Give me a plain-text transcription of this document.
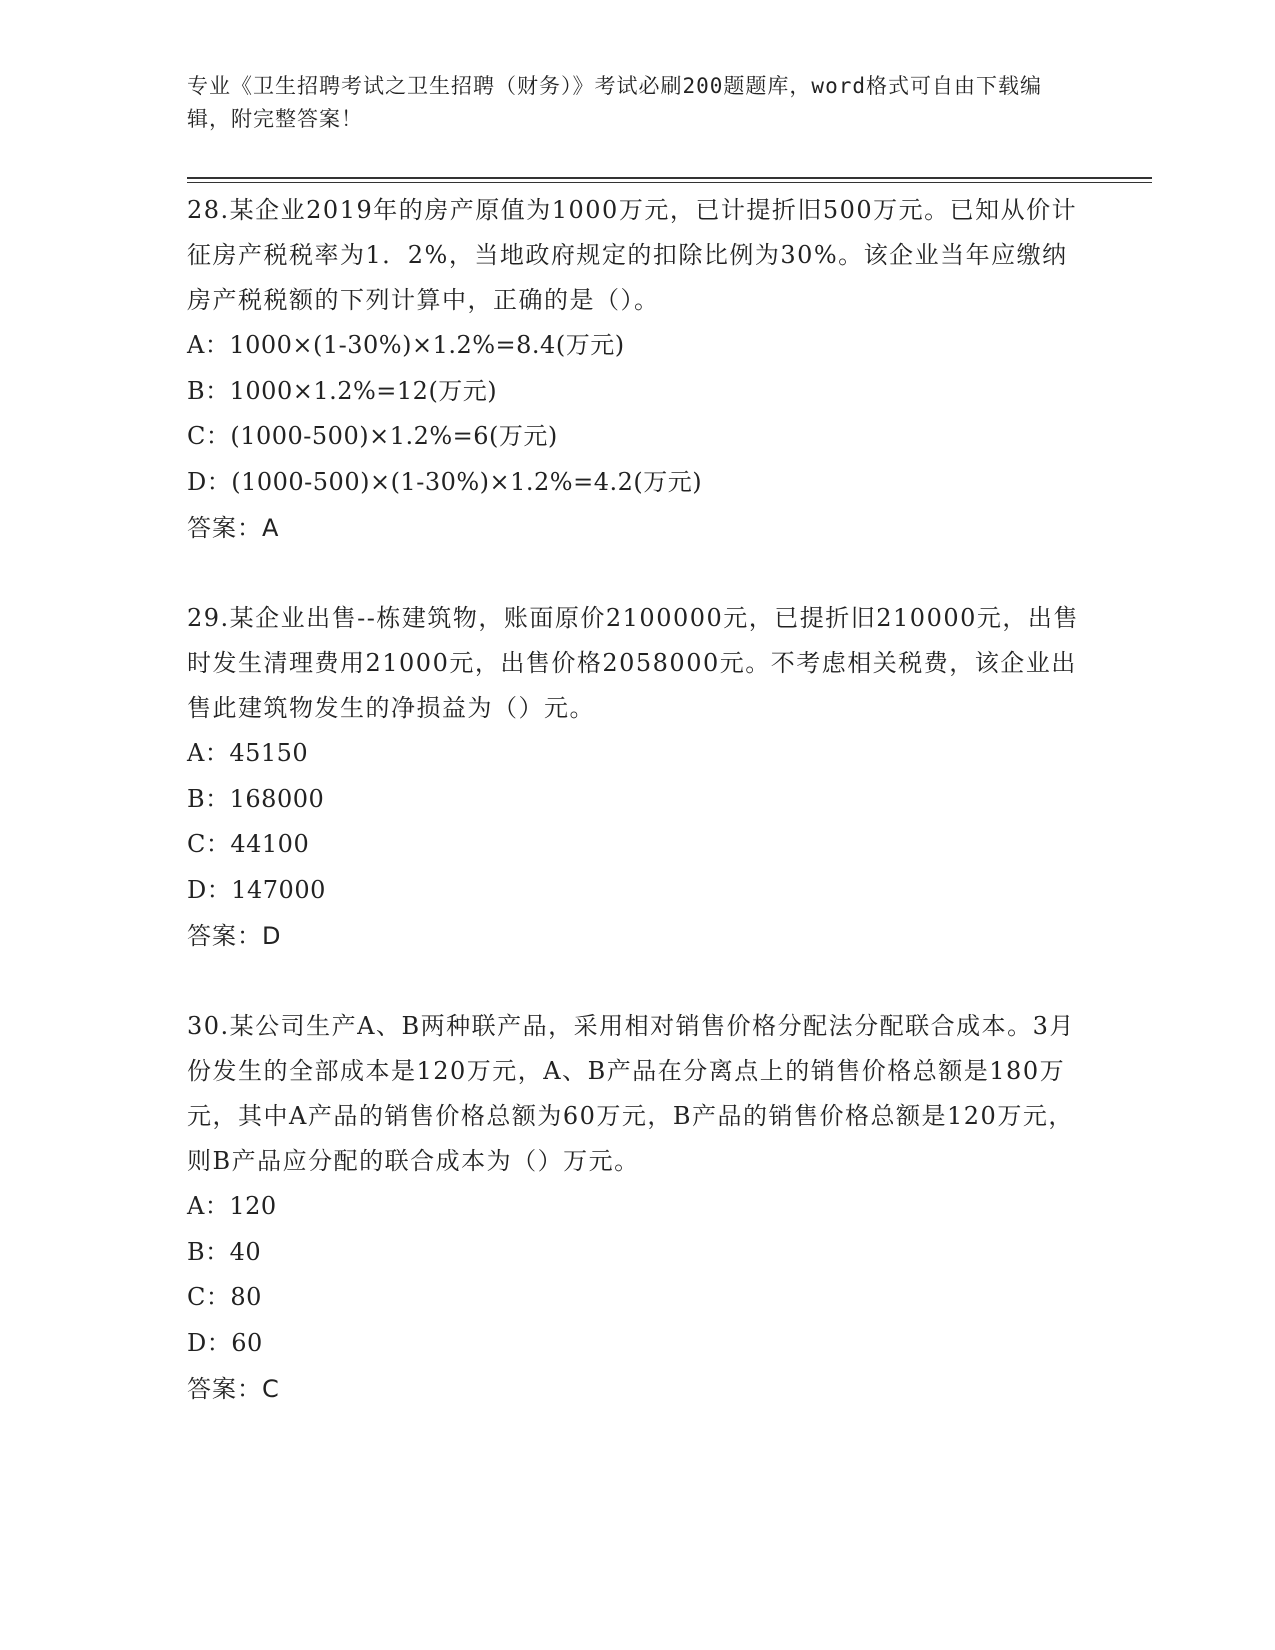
专业《卫生招聘考试之卫生招聘（财务）》考试必刷200题题库，word格式可自由下载编辑，附完整答案！

28.某企业2019年的房产原值为1000万元，已计提折旧500万元。已知从价计征房产税税率为1．2%，当地政府规定的扣除比例为30%。该企业当年应缴纳房产税税额的下列计算中，正确的是（）。

A：1000×(1-30%)×1.2%=8.4(万元)

B：1000×1.2%=12(万元)

C：(1000-500)×1.2%=6(万元)

D：(1000-500)×(1-30%)×1.2%=4.2(万元)

答案：A

29.某企业出售--栋建筑物，账面原价2100000元，已提折旧210000元，出售时发生清理费用21000元，出售价格2058000元。不考虑相关税费，该企业出售此建筑物发生的净损益为（）元。

A：45150

B：168000

C：44100

D：147000

答案：D

30.某公司生产A、B两种联产品，采用相对销售价格分配法分配联合成本。3月份发生的全部成本是120万元，A、B产品在分离点上的销售价格总额是180万元，其中A产品的销售价格总额为60万元，B产品的销售价格总额是120万元，则B产品应分配的联合成本为（）万元。

A：120

B：40

C：80

D：60

答案：C
